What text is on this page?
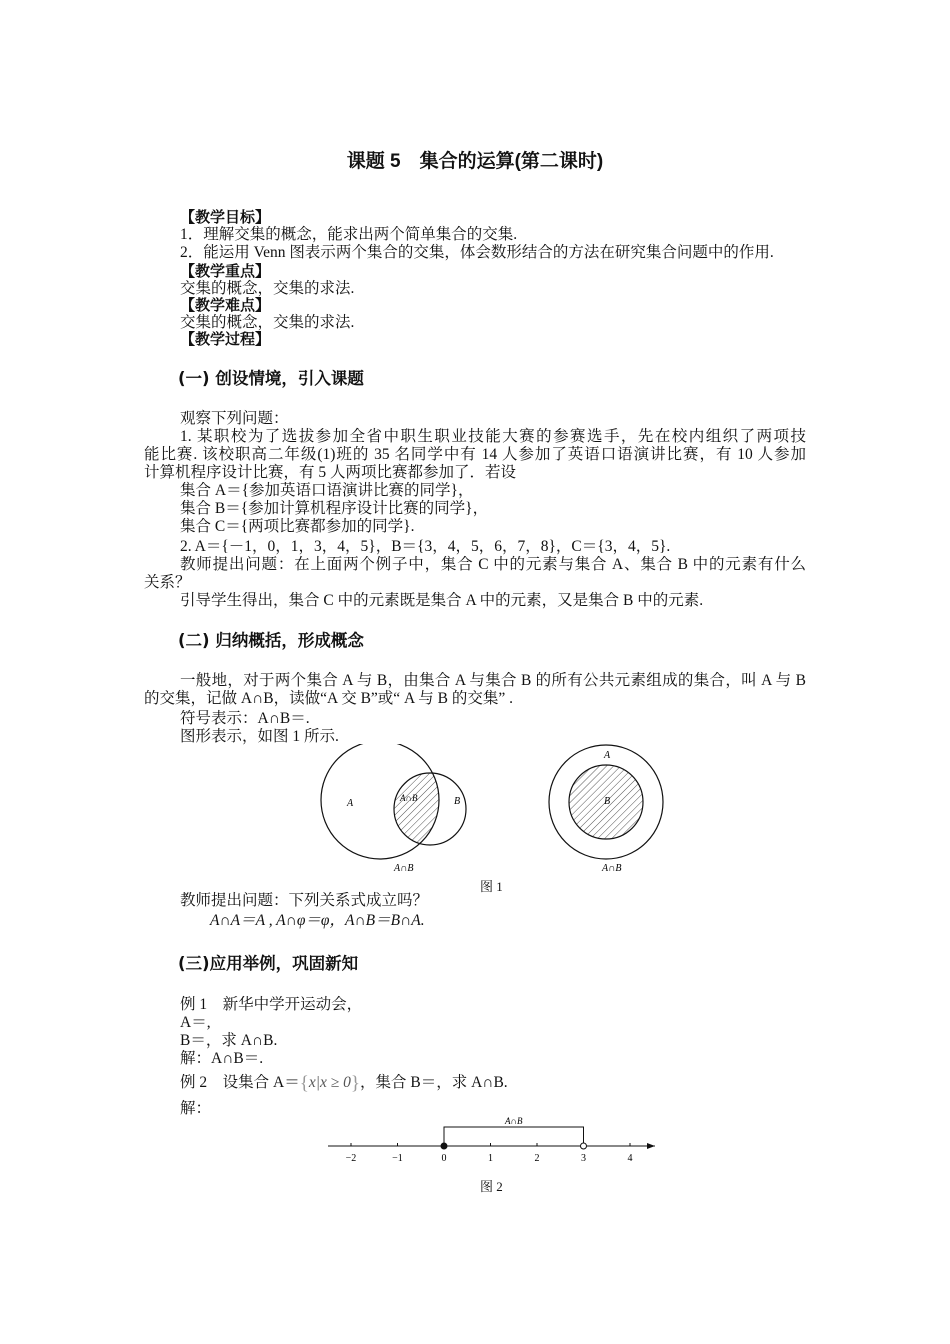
课题 5　集合的运算(第二课时)
【教学目标】
1．理解交集的概念，能求出两个简单集合的交集.
2．能运用 Venn 图表示两个集合的交集，体会数形结合的方法在研究集合问题中的作用.
【教学重点】
交集的概念，交集的求法.
【教学难点】
交集的概念，交集的求法.
【教学过程】
(一) 创设情境，引入课题
观察下列问题：
1. 某职校为了选拔参加全省中职生职业技能大赛的参赛选手，先在校内组织了两项技
能比赛. 该校职高二年级(1)班的 35 名同学中有 14 人参加了英语口语演讲比赛，有 10 人参加
计算机程序设计比赛，有 5 人两项比赛都参加了．若设
集合 A＝{参加英语口语演讲比赛的同学}，
集合 B＝{参加计算机程序设计比赛的同学}，
集合 C＝{两项比赛都参加的同学}.
2. A＝{－1，0，1，3，4，5}，B＝{3，4，5，6，7，8}，C＝{3，4，5}.
教师提出问题：在上面两个例子中，集合 C 中的元素与集合 A、集合 B 中的元素有什么
关系？
引导学生得出，集合 C 中的元素既是集合 A 中的元素，又是集合 B 中的元素.
(二) 归纳概括，形成概念
一般地，对于两个集合 A 与 B，由集合 A 与集合 B 的所有公共元素组成的集合，叫 A 与 B
的交集，记做 A∩B，读做“A 交 B”或“ A 与 B 的交集” .
符号表示：A∩B＝.
图形表示，如图 1 所示.
A	B
A∩B
A∩B
A
B
A∩B
图 1
教师提出问题：下列关系式成立吗？
A∩A＝A , A∩φ＝φ，A∩B＝B∩A.
(三)应用举例，巩固新知
例 1　新华中学开运动会，
A＝,
B＝，求 A∩B.
解：A∩B＝.
例 2　设集合 A＝{x|x ≥ 0}，集合 B＝，求 A∩B.
解：
−2	−1	0	1	2	3	4
A∩B
图 2
